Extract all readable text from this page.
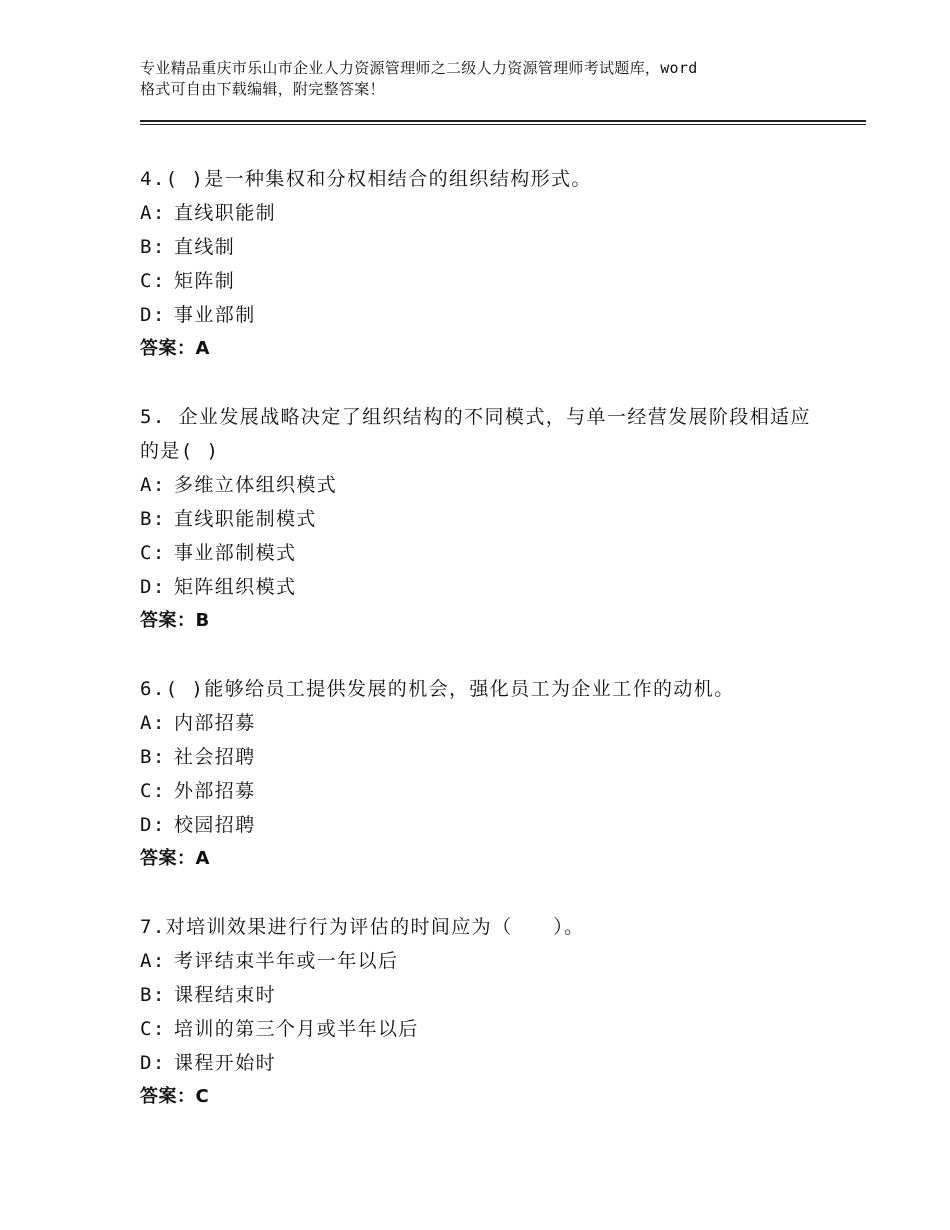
专业精品重庆市乐山市企业人力资源管理师之二级人力资源管理师考试题库，word
格式可自由下载编辑，附完整答案！
4.( )是一种集权和分权相结合的组织结构形式。
A: 直线职能制
B: 直线制
C: 矩阵制
D: 事业部制
答案：A
5. 企业发展战略决定了组织结构的不同模式，与单一经营发展阶段相适应的是( )
A: 多维立体组织模式
B: 直线职能制模式
C: 事业部制模式
D: 矩阵组织模式
答案：B
6.( )能够给员工提供发展的机会，强化员工为企业工作的动机。
A: 内部招募
B: 社会招聘
C: 外部招募
D: 校园招聘
答案：A
7.对培训效果进行行为评估的时间应为（　　）。
A: 考评结束半年或一年以后
B: 课程结束时
C: 培训的第三个月或半年以后
D: 课程开始时
答案：C
